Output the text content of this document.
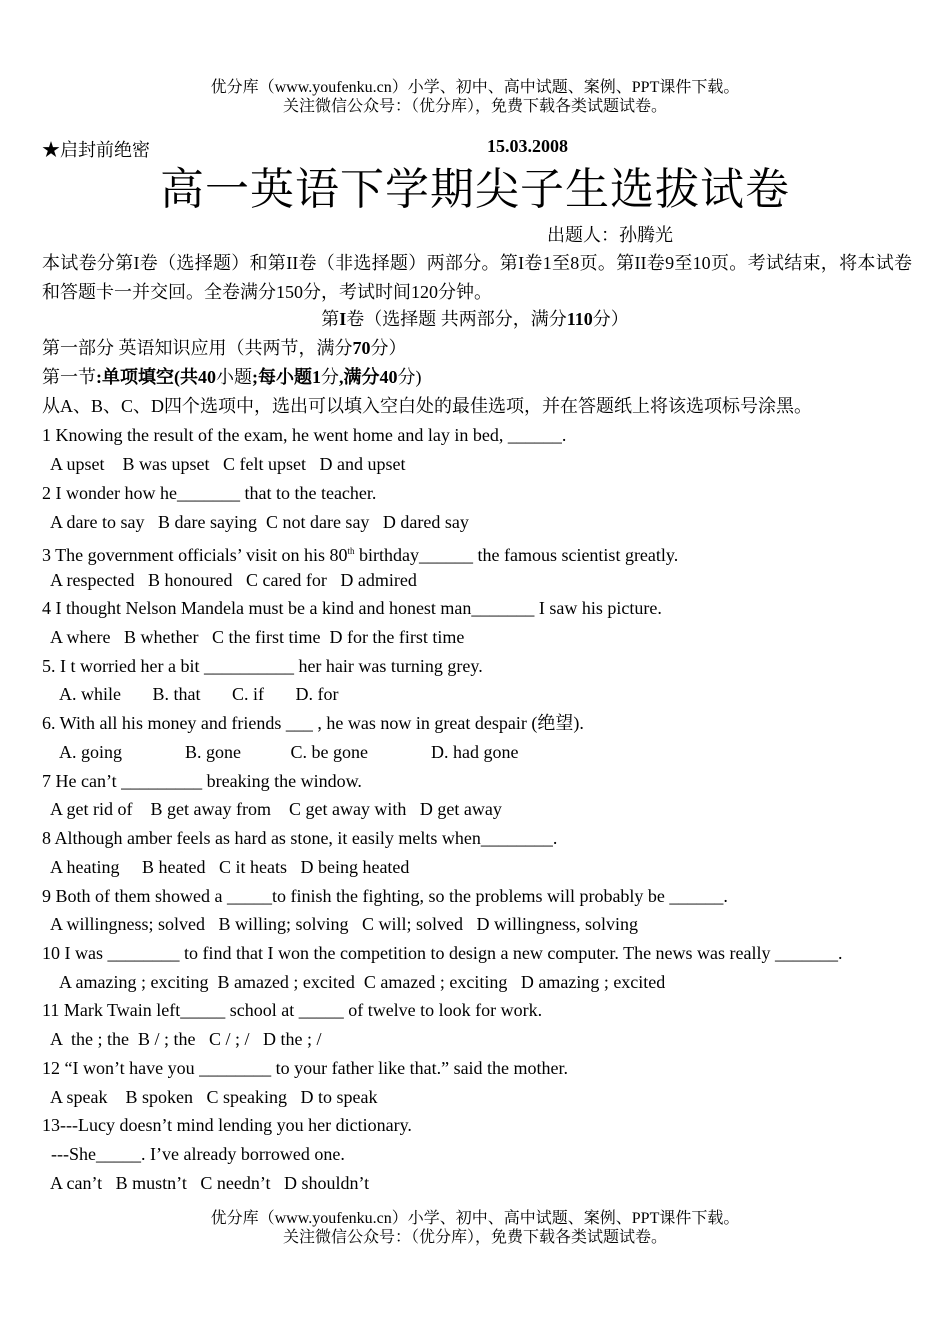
优分库（www.youfenku.cn）小学、初中、高中试题、案例、PPT课件下载。
关注微信公众号：（优分库），免费下载各类试题试卷。
★启封前绝密	15.03.2008
高一英语下学期尖子生选拔试卷
出题人：孙腾光
本试卷分第I卷（选择题）和第II卷（非选择题）两部分。第I卷1至8页。第II卷9至10页。考试结束，将本试卷和答题卡一并交回。全卷满分150分，考试时间120分钟。
第I卷（选择题 共两部分，满分110分）
第一部分 英语知识应用（共两节，满分70分）
第一节:单项填空(共40小题;每小题1分,满分40分)
从A、B、C、D四个选项中，选出可以填入空白处的最佳选项，并在答题纸上将该选项标号涂黑。
1 Knowing the result of the exam, he went home and lay in bed, ______.
A upset    B was upset   C felt upset   D and upset
2 I wonder how he_______ that to the teacher.
A dare to say   B dare saying  C not dare say   D dared say
3 The government officials’ visit on his 80th birthday______ the famous scientist greatly.
A respected   B honoured   C cared for   D admired
4 I thought Nelson Mandela must be a kind and honest man_______ I saw his picture.
A where   B whether   C the first time  D for the first time
5. I t worried her a bit __________ her hair was turning grey.
A. while       B. that       C. if       D. for
6. With all his money and friends ___ , he was now in great despair (绝望).
A. going              B. gone           C. be gone              D. had gone
7 He can’t _________ breaking the window.
A get rid of    B get away from    C get away with   D get away
8 Although amber feels as hard as stone, it easily melts when________.
A heating     B heated   C it heats   D being heated
9 Both of them showed a _____to finish the fighting, so the problems will probably be ______.
A willingness; solved   B willing; solving   C will; solved   D willingness, solving
10 I was ________ to find that I won the competition to design a new computer. The news was really _______.
A amazing ; exciting  B amazed ; excited  C amazed ; exciting   D amazing ; excited
11 Mark Twain left_____ school at _____ of twelve to look for work.
A  the ; the  B / ; the   C / ; /   D the ; /
12 “I won’t have you ________ to your father like that.” said the mother.
A speak    B spoken   C speaking   D to speak
13---Lucy doesn’t mind lending you her dictionary.
---She_____. I’ve already borrowed one.
A can’t   B mustn’t   C needn’t   D shouldn’t
优分库（www.youfenku.cn）小学、初中、高中试题、案例、PPT课件下载。
关注微信公众号：（优分库），免费下载各类试题试卷。
